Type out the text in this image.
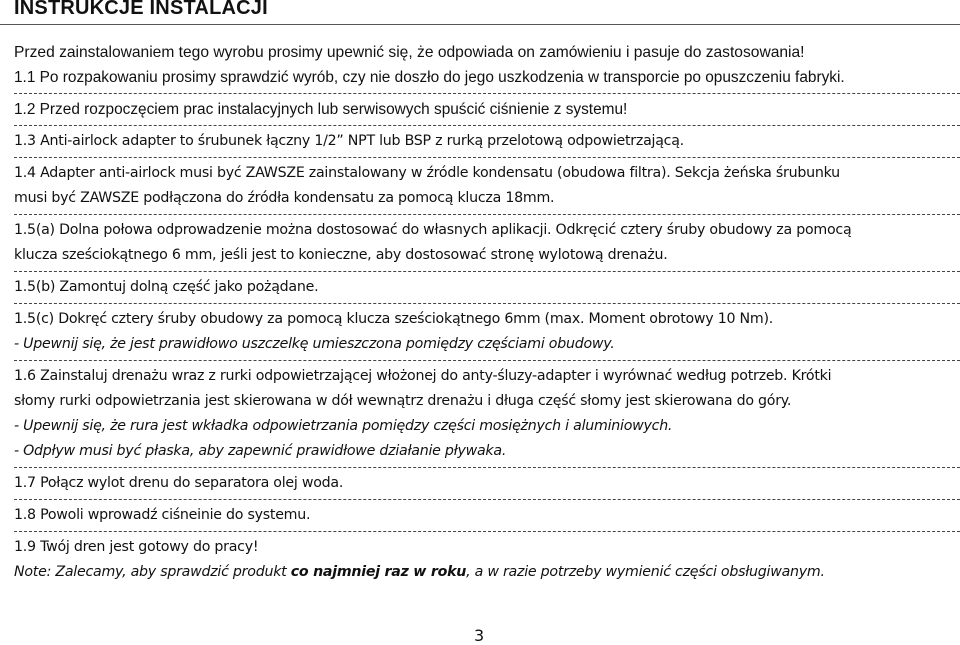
INSTRUKCJE INSTALACJI
Przed zainstalowaniem tego wyrobu prosimy upewnić się, że odpowiada on zamówieniu i pasuje do zastosowania!
1.1 Po rozpakowaniu prosimy sprawdzić wyrób, czy nie doszło do jego uszkodzenia w transporcie po opuszczeniu fabryki.
1.2 Przed rozpoczęciem prac instalacyjnych lub serwisowych spuścić ciśnienie z systemu!
1.3 Anti-airlock adapter to śrubunek łączny 1/2” NPT lub BSP z rurką przelotową odpowietrzającą.
1.4 Adapter anti-airlock musi być ZAWSZE zainstalowany w źródle kondensatu (obudowa filtra). Sekcja żeńska śrubunku
musi być ZAWSZE podłączona do źródła kondensatu za pomocą klucza 18mm.
1.5(a) Dolna połowa odprowadzenie można dostosować do własnych aplikacji. Odkręcić cztery śruby obudowy za pomocą
klucza sześciokątnego 6 mm, jeśli jest to konieczne, aby dostosować stronę wylotową drenażu.
1.5(b) Zamontuj dolną część jako pożądane.
1.5(c) Dokręć cztery śruby obudowy za pomocą klucza sześciokątnego 6mm (max. Moment obrotowy 10 Nm).
- Upewnij się, że jest prawidłowo uszczelkę umieszczona pomiędzy częściami obudowy.
1.6 Zainstaluj drenażu wraz z rurki odpowietrzającej włożonej do anty-śluzy-adapter i wyrównać według potrzeb. Krótki
słomy rurki odpowietrzania jest skierowana w dół wewnątrz drenażu i długa część słomy jest skierowana do góry.
- Upewnij się, że rura jest wkładka odpowietrzania pomiędzy części mosiężnych i aluminiowych.
- Odpływ musi być płaska, aby zapewnić prawidłowe działanie pływaka.
1.7 Połącz wylot drenu do separatora olej woda.
1.8 Powoli wprowadź ciśneinie do systemu.
1.9 Twój dren jest gotowy do pracy!
Note: Zalecamy, aby sprawdzić produkt co najmniej raz w roku, a w razie potrzeby wymienić części obsługiwanym.
3
